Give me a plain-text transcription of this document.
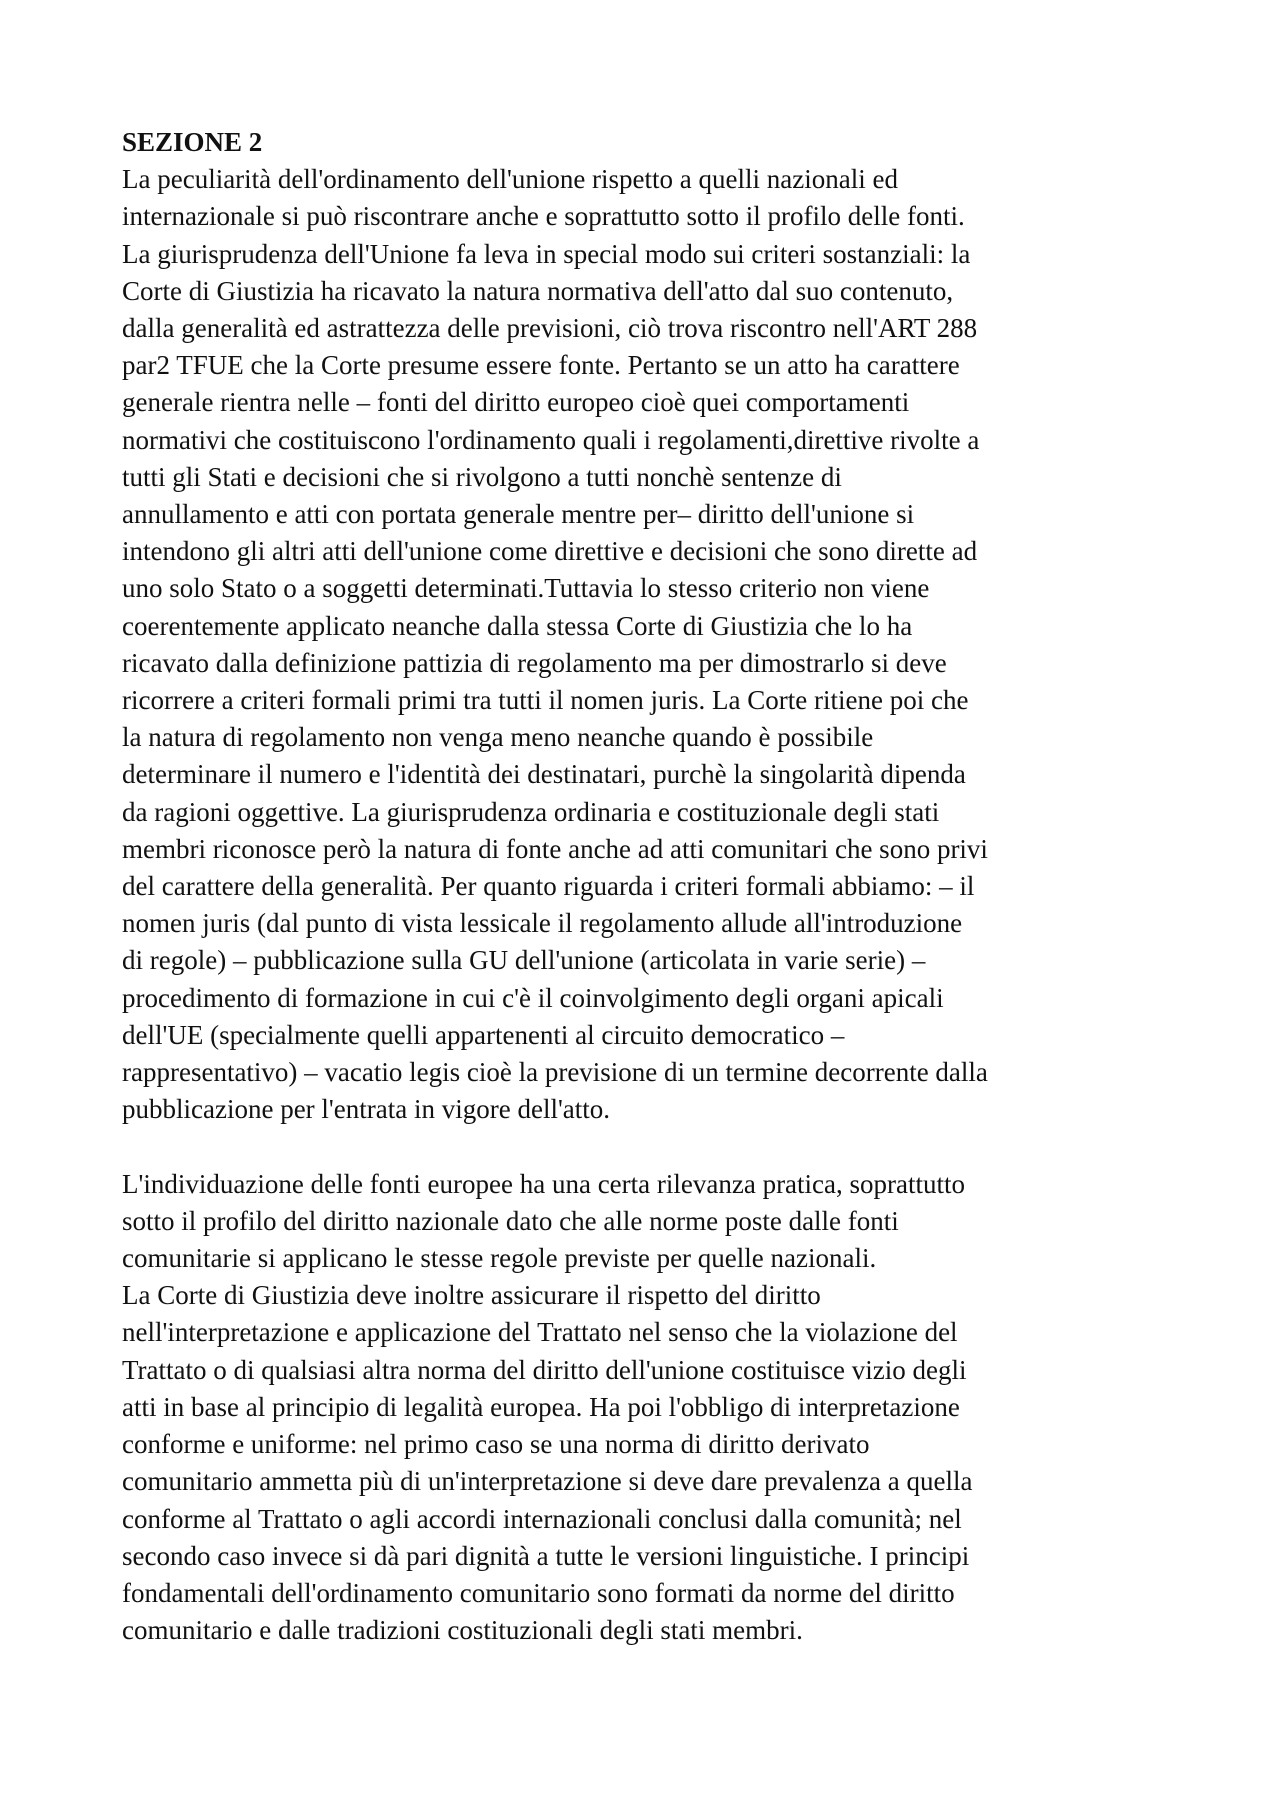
SEZIONE 2

La peculiarità dell'ordinamento dell'unione rispetto a quelli nazionali ed
internazionale si può riscontrare anche e soprattutto sotto il profilo delle fonti.
La giurisprudenza dell'Unione fa leva in special modo sui criteri sostanziali: la
Corte di Giustizia ha ricavato la natura normativa dell'atto dal suo contenuto,
dalla generalità ed astrattezza delle previsioni, ciò trova riscontro nell'ART 288
par2 TFUE che la Corte presume essere fonte. Pertanto se un atto ha carattere
generale rientra nelle – fonti del diritto europeo cioè quei comportamenti
normativi che costituiscono l'ordinamento quali i regolamenti,direttive rivolte a
tutti gli Stati e decisioni che si rivolgono a tutti nonchè sentenze di
annullamento e atti con portata generale mentre per– diritto dell'unione si
intendono gli altri atti dell'unione come direttive e decisioni che sono dirette ad
uno solo Stato o a soggetti determinati.Tuttavia lo stesso criterio non viene
coerentemente applicato neanche dalla stessa Corte di Giustizia che lo ha
ricavato dalla definizione pattizia di regolamento ma per dimostrarlo si deve
ricorrere a criteri formali primi tra tutti il nomen juris. La Corte ritiene poi che
la natura di regolamento non venga meno neanche quando è possibile
determinare il numero e l'identità dei destinatari, purchè la singolarità dipenda
da ragioni oggettive. La giurisprudenza ordinaria e costituzionale degli stati
membri riconosce però la natura di fonte anche ad atti comunitari che sono privi
del carattere della generalità. Per quanto riguarda i criteri formali abbiamo: – il
nomen juris (dal punto di vista lessicale il regolamento allude all'introduzione
di regole) – pubblicazione sulla GU dell'unione (articolata in varie serie) –
procedimento di formazione in cui c'è il coinvolgimento degli organi apicali
dell'UE (specialmente quelli appartenenti al circuito democratico –
rappresentativo) – vacatio legis cioè la previsione di un termine decorrente dalla
pubblicazione per l'entrata in vigore dell'atto.

L'individuazione delle fonti europee ha una certa rilevanza pratica, soprattutto
sotto il profilo del diritto nazionale dato che alle norme poste dalle fonti
comunitarie si applicano le stesse regole previste per quelle nazionali.
La Corte di Giustizia deve inoltre assicurare il rispetto del diritto
nell'interpretazione e applicazione del Trattato nel senso che la violazione del
Trattato o di qualsiasi altra norma del diritto dell'unione costituisce vizio degli
atti in base al principio di legalità europea. Ha poi l'obbligo di interpretazione
conforme e uniforme: nel primo caso se una norma di diritto derivato
comunitario ammetta più di un'interpretazione si deve dare prevalenza a quella
conforme al Trattato o agli accordi internazionali conclusi dalla comunità; nel
secondo caso invece si dà pari dignità a tutte le versioni linguistiche. I principi
fondamentali dell'ordinamento comunitario sono formati da norme del diritto
comunitario e dalle tradizioni costituzionali degli stati membri.
